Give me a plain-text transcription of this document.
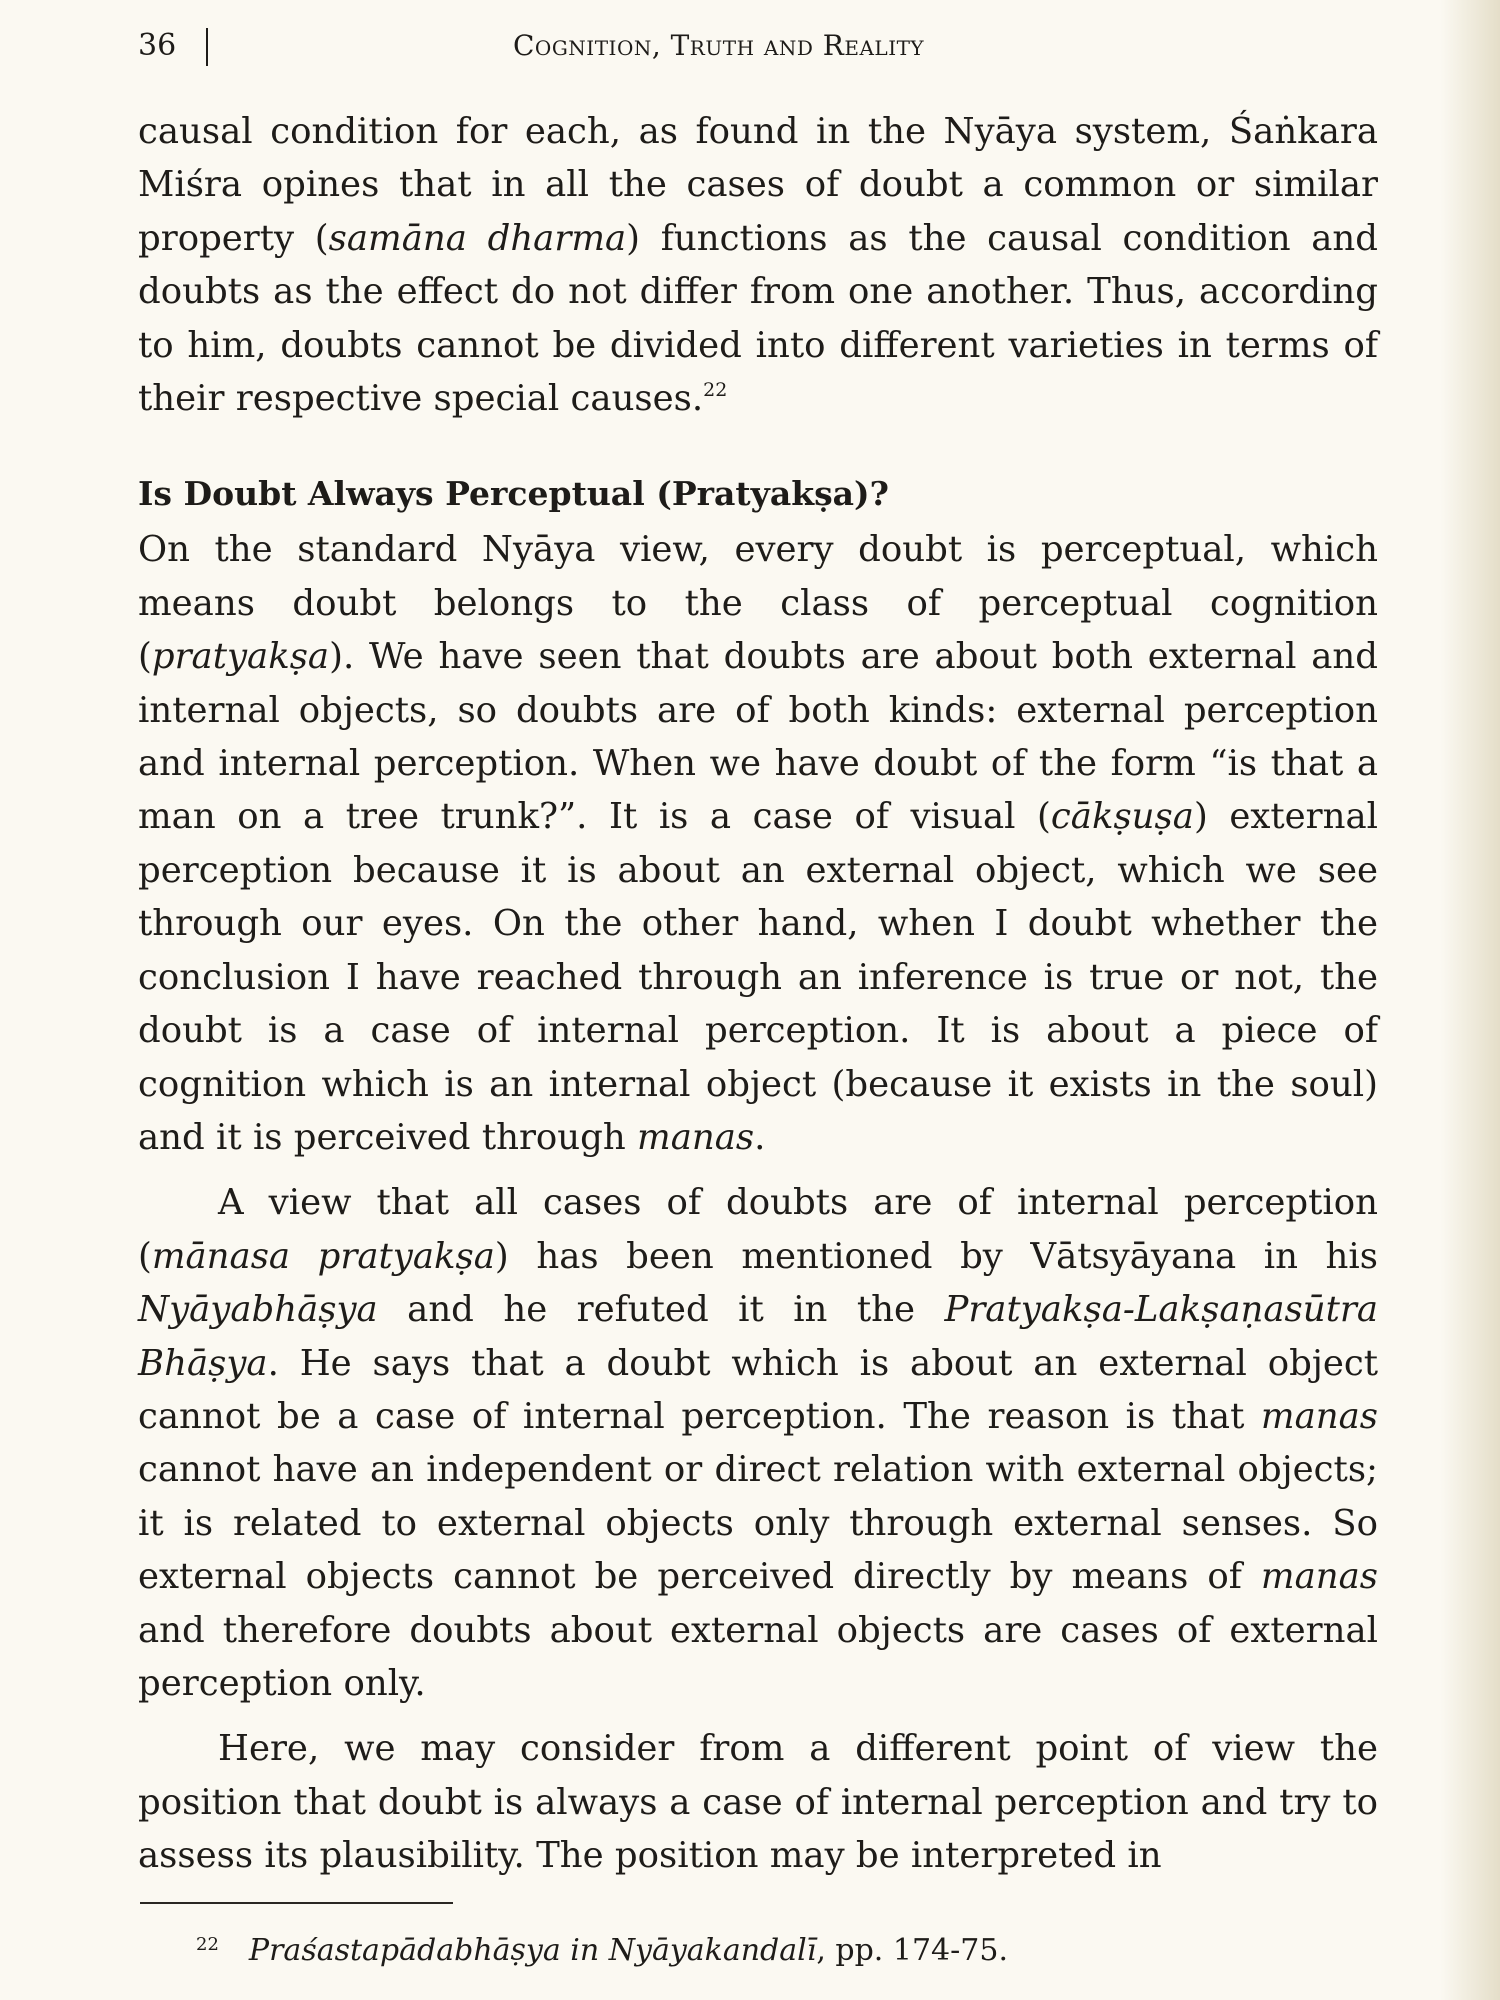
36	Cognition, Truth and Reality

causal condition for each, as found in the Nyāya system, Śaṅkara Miśra opines that in all the cases of doubt a common or similar property (samāna dharma) functions as the causal condition and doubts as the effect do not differ from one another. Thus, according to him, doubts cannot be divided into different varieties in terms of their respective special causes.$^{22}$

Is Doubt Always Perceptual (Pratyakṣa)?

On the standard Nyāya view, every doubt is perceptual, which means doubt belongs to the class of perceptual cognition (pratyakṣa). We have seen that doubts are about both external and internal objects, so doubts are of both kinds: external perception and internal perception. When we have doubt of the form “is that a man on a tree trunk?”. It is a case of visual (cākṣuṣa) external perception because it is about an external object, which we see through our eyes. On the other hand, when I doubt whether the conclusion I have reached through an inference is true or not, the doubt is a case of internal perception. It is about a piece of cognition which is an internal object (because it exists in the soul) and it is perceived through manas.

A view that all cases of doubts are of internal perception (mānasa pratyakṣa) has been mentioned by Vātsyāyana in his Nyāyabhāṣya and he refuted it in the Pratyakṣa-Lakṣaṇasūtra Bhāṣya. He says that a doubt which is about an external object cannot be a case of internal perception. The reason is that manas cannot have an independent or direct relation with external objects; it is related to external objects only through external senses. So external objects cannot be perceived directly by means of manas and therefore doubts about external objects are cases of external perception only.

Here, we may consider from a different point of view the position that doubt is always a case of internal perception and try to assess its plausibility. The position may be interpreted in

$^{22}$ Praśastapādabhāṣya in Nyāyakandalī, pp. 174-75.
